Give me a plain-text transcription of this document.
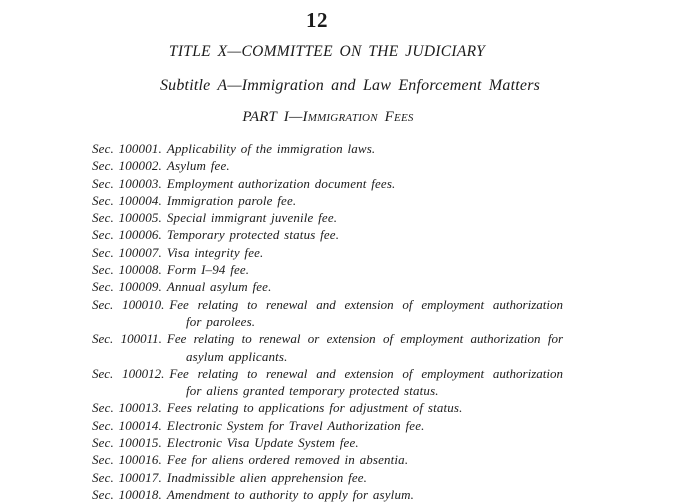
12
TITLE X—COMMITTEE ON THE JUDICIARY
Subtitle A—Immigration and Law Enforcement Matters
PART I—Immigration Fees
Sec. 100001. Applicability of the immigration laws.
Sec. 100002. Asylum fee.
Sec. 100003. Employment authorization document fees.
Sec. 100004. Immigration parole fee.
Sec. 100005. Special immigrant juvenile fee.
Sec. 100006. Temporary protected status fee.
Sec. 100007. Visa integrity fee.
Sec. 100008. Form I–94 fee.
Sec. 100009. Annual asylum fee.
Sec. 100010. Fee relating to renewal and extension of employment authorization
for parolees.
Sec. 100011. Fee relating to renewal or extension of employment authorization for
asylum applicants.
Sec. 100012. Fee relating to renewal and extension of employment authorization
for aliens granted temporary protected status.
Sec. 100013. Fees relating to applications for adjustment of status.
Sec. 100014. Electronic System for Travel Authorization fee.
Sec. 100015. Electronic Visa Update System fee.
Sec. 100016. Fee for aliens ordered removed in absentia.
Sec. 100017. Inadmissible alien apprehension fee.
Sec. 100018. Amendment to authority to apply for asylum.
